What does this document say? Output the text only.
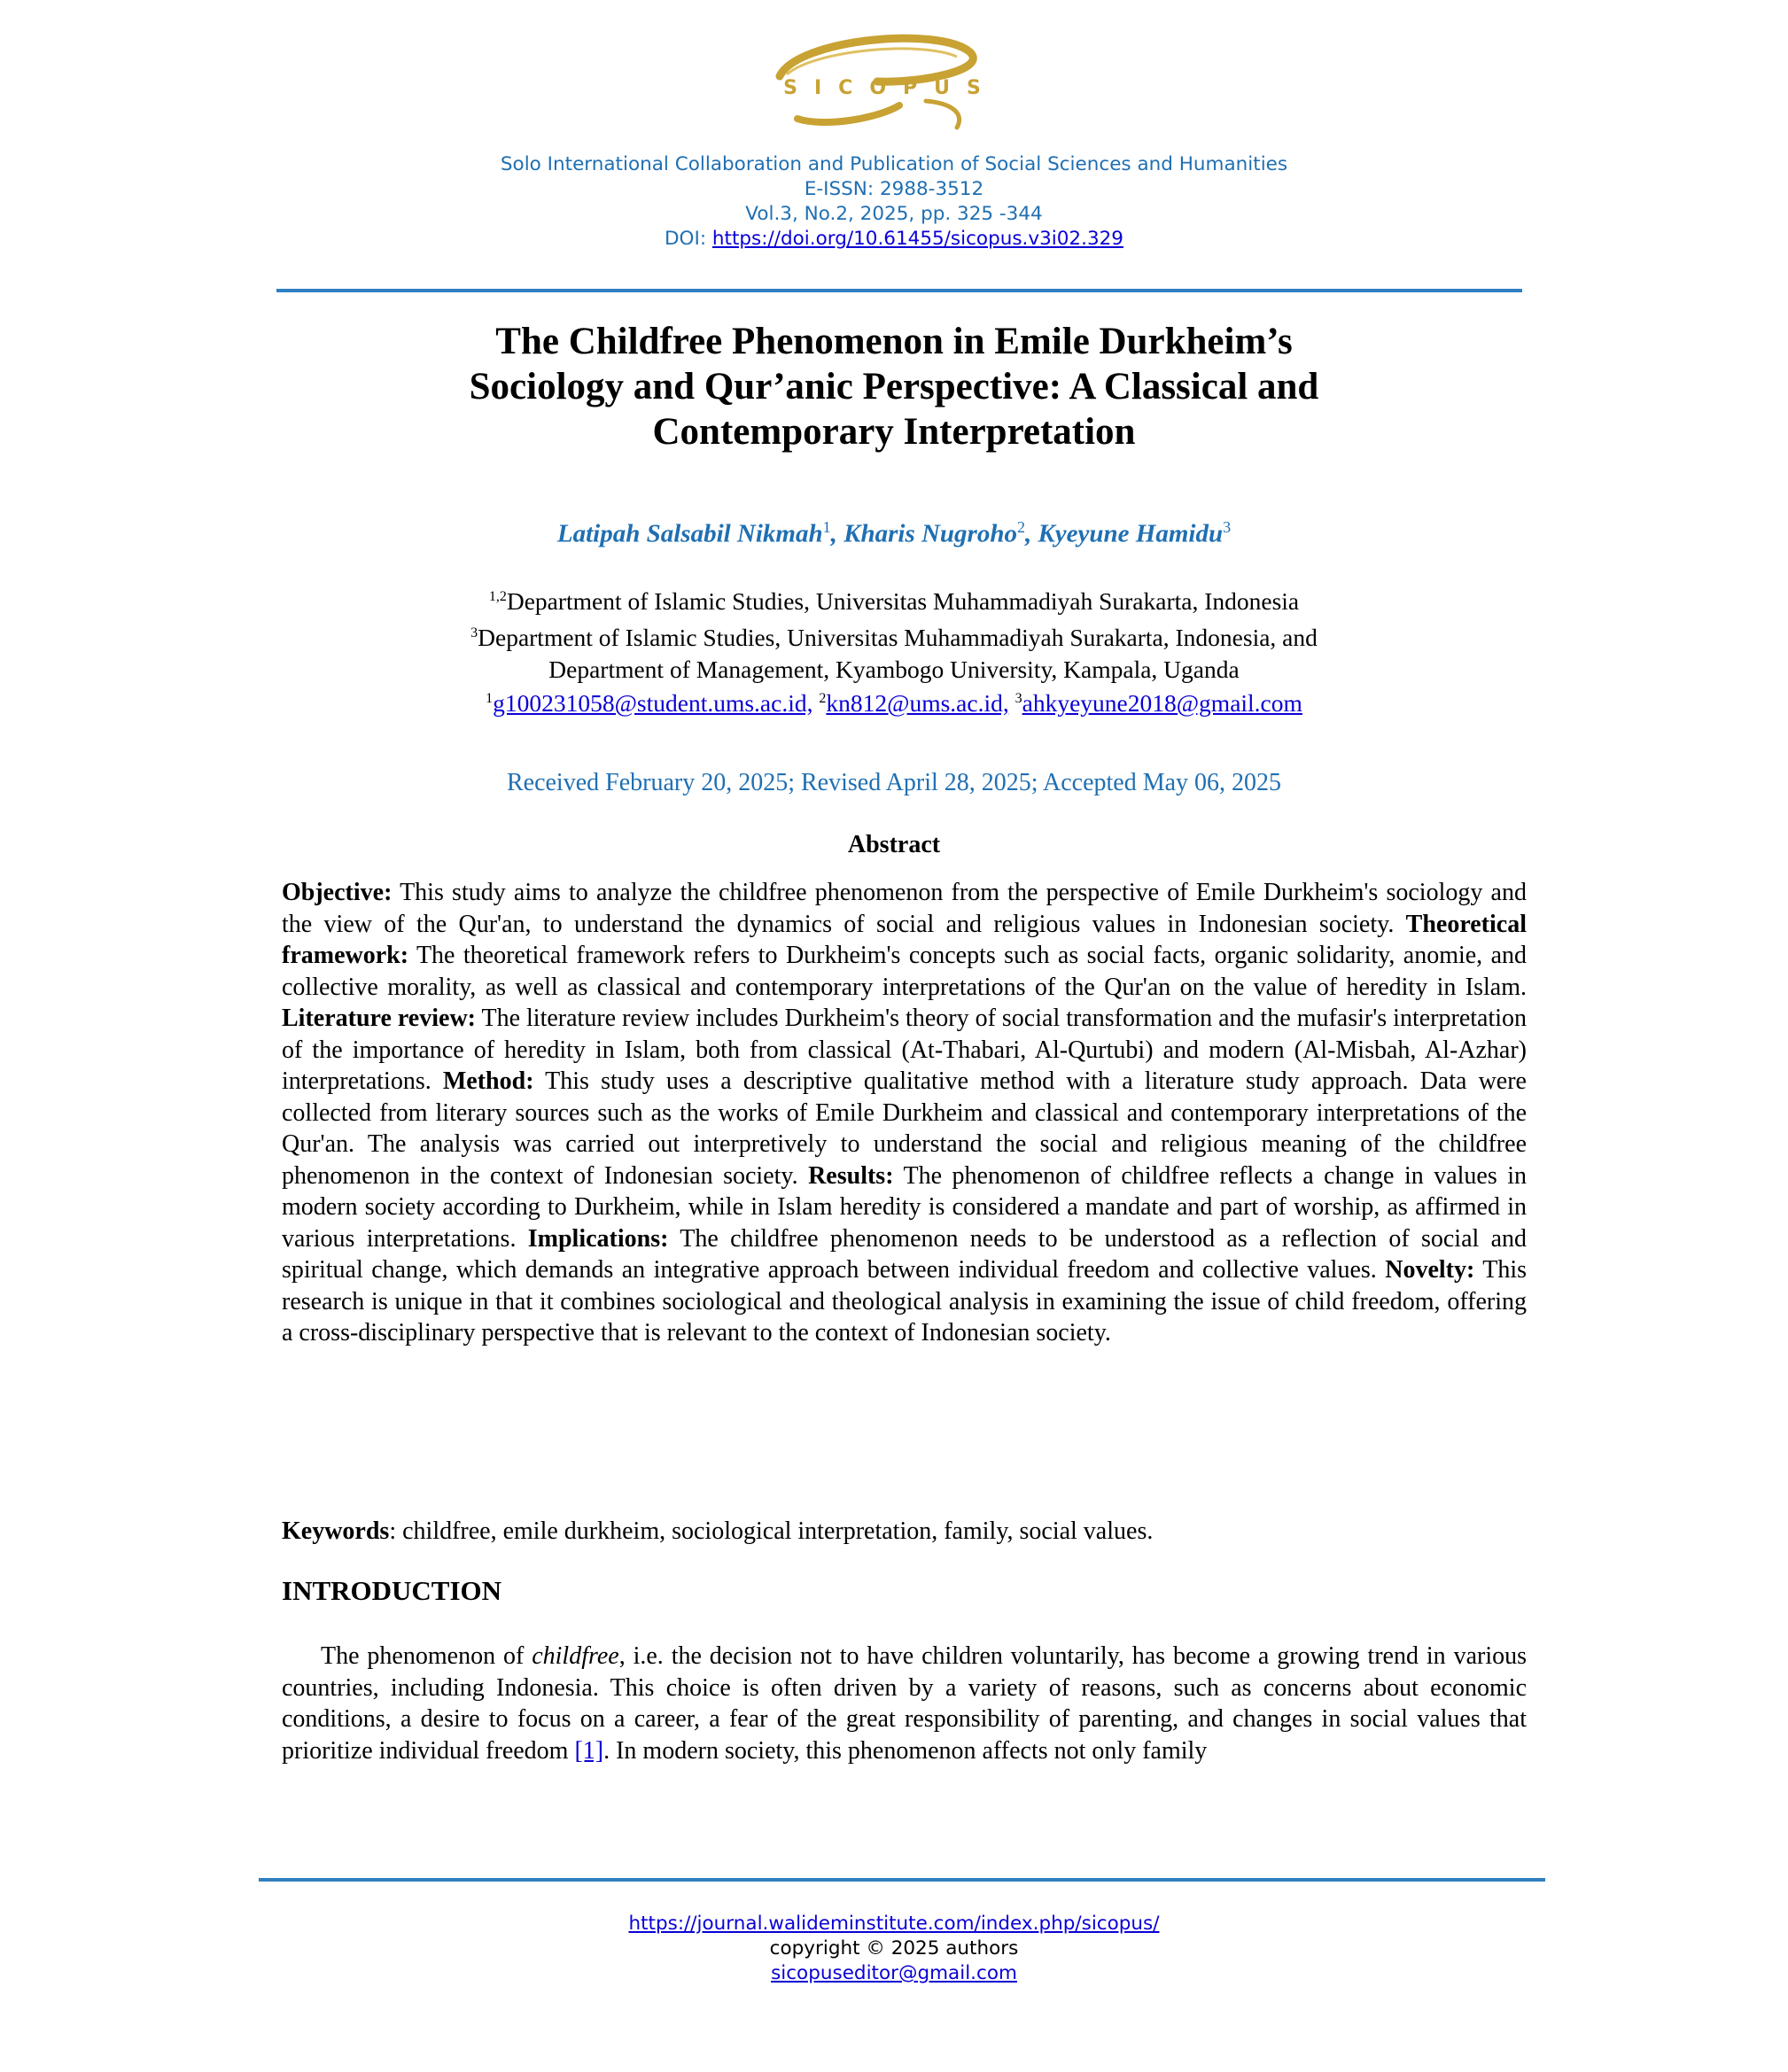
SICOPUS
Solo International Collaboration and Publication of Social Sciences and Humanities
E-ISSN: 2988-3512
Vol.3, No.2, 2025, pp. 325 -344
DOI: https://doi.org/10.61455/sicopus.v3i02.329
The Childfree Phenomenon in Emile Durkheim’s
Sociology and Qur’anic Perspective: A Classical and
Contemporary Interpretation
Latipah Salsabil Nikmah$^1$, Kharis Nugroho$^2$, Kyeyune Hamidu$^3$
$^{1,2}$Department of Islamic Studies, Universitas Muhammadiyah Surakarta, Indonesia
$^3$Department of Islamic Studies, Universitas Muhammadiyah Surakarta, Indonesia, and
Department of Management, Kyambogo University, Kampala, Uganda
$^1$g100231058@student.ums.ac.id, $^2$kn812@ums.ac.id, $^3$ahkyeyune2018@gmail.com
Received February 20, 2025; Revised April 28, 2025; Accepted May 06, 2025
Abstract

Objective: This study aims to analyze the childfree phenomenon from the perspective of Emile Durkheim's sociology and the view of the Qur'an, to understand the dynamics of social and religious values in Indonesian society. Theoretical framework: The theoretical framework refers to Durkheim's concepts such as social facts, organic solidarity, anomie, and collective morality, as well as classical and contemporary interpretations of the Qur'an on the value of heredity in Islam. Literature review: The literature review includes Durkheim's theory of social transformation and the mufasir's interpretation of the importance of heredity in Islam, both from classical (At-Thabari, Al-Qurtubi) and modern (Al-Misbah, Al-Azhar) interpretations. Method: This study uses a descriptive qualitative method with a literature study approach. Data were collected from literary sources such as the works of Emile Durkheim and classical and contemporary interpretations of the Qur'an. The analysis was carried out interpretively to understand the social and religious meaning of the childfree phenomenon in the context of Indonesian society. Results: The phenomenon of childfree reflects a change in values in modern society according to Durkheim, while in Islam heredity is considered a mandate and part of worship, as affirmed in various interpretations. Implications: The childfree phenomenon needs to be understood as a reflection of social and spiritual change, which demands an integrative approach between individual freedom and collective values. Novelty: This research is unique in that it combines sociological and theological analysis in examining the issue of child freedom, offering a cross-disciplinary perspective that is relevant to the context of Indonesian society.

Keywords: childfree, emile durkheim, sociological interpretation, family, social values.

INTRODUCTION

The phenomenon of childfree, i.e. the decision not to have children voluntarily, has become a growing trend in various countries, including Indonesia. This choice is often driven by a variety of reasons, such as concerns about economic conditions, a desire to focus on a career, a fear of the great responsibility of parenting, and changes in social values that prioritize individual freedom [1]. In modern society, this phenomenon affects not only family

https://journal.walideminstitute.com/index.php/sicopus/
copyright © 2025 authors
sicopuseditor@gmail.com
